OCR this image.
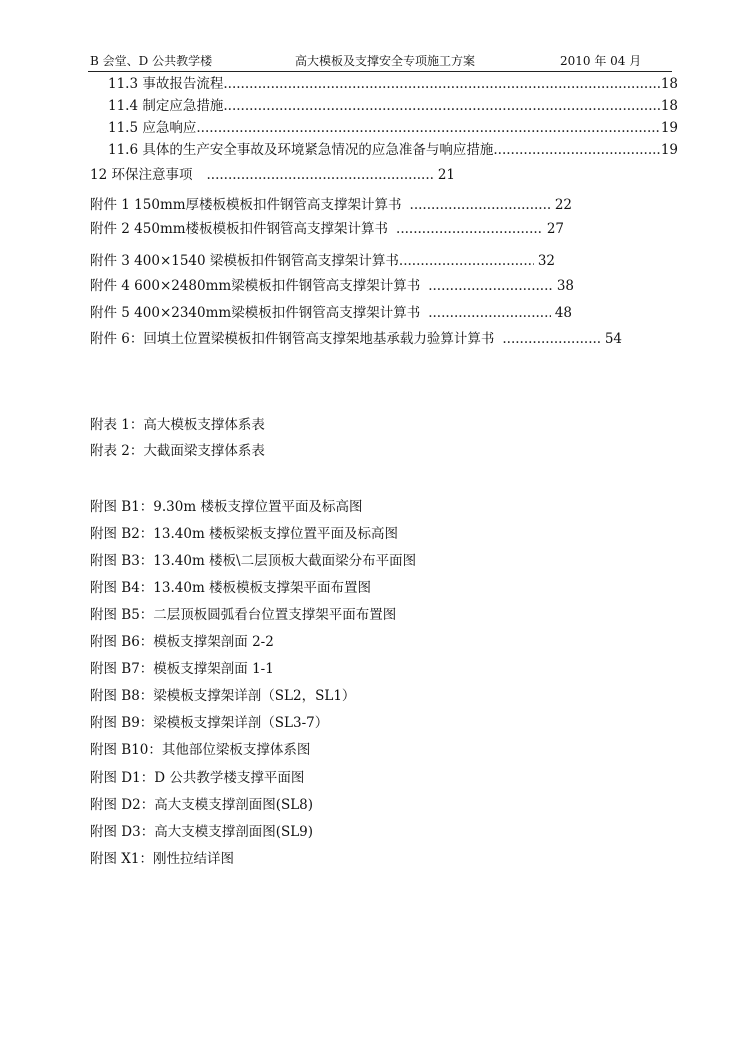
B 会堂、D 公共教学楼	高大模板及支撑安全专项施工方案	2010 年 04 月
11.3 事故报告流程 .....	18
11.4 制定应急措施 .....	18
11.5 应急响应 .....	19
11.6 具体的生产安全事故及环境紧急情况的应急准备与响应措施 .....	19
12 环保注意事项 .....	21
附件 1 150mm厚楼板模板扣件钢管高支撑架计算书 .....	22
附件 2 450mm楼板模板扣件钢管高支撑架计算书 .....	27
附件 3 400×1540 梁模板扣件钢管高支撑架计算书 .....	32
附件 4 600×2480mm梁模板扣件钢管高支撑架计算书 .....	38
附件 5 400×2340mm梁模板扣件钢管高支撑架计算书 .....	48
附件 6：回填土位置梁模板扣件钢管高支撑架地基承载力验算计算书 .....	54
附表 1：高大模板支撑体系表
附表 2：大截面梁支撑体系表
附图 B1：9.30m 楼板支撑位置平面及标高图
附图 B2：13.40m 楼板梁板支撑位置平面及标高图
附图 B3：13.40m 楼板\二层顶板大截面梁分布平面图
附图 B4：13.40m 楼板模板支撑架平面布置图
附图 B5：二层顶板圆弧看台位置支撑架平面布置图
附图 B6：模板支撑架剖面 2-2
附图 B7：模板支撑架剖面 1-1
附图 B8：梁模板支撑架详剖（SL2，SL1）
附图 B9：梁模板支撑架详剖（SL3-7）
附图 B10：其他部位梁板支撑体系图
附图 D1：D 公共教学楼支撑平面图
附图 D2：高大支模支撑剖面图(SL8)
附图 D3：高大支模支撑剖面图(SL9)
附图 X1：刚性拉结详图
